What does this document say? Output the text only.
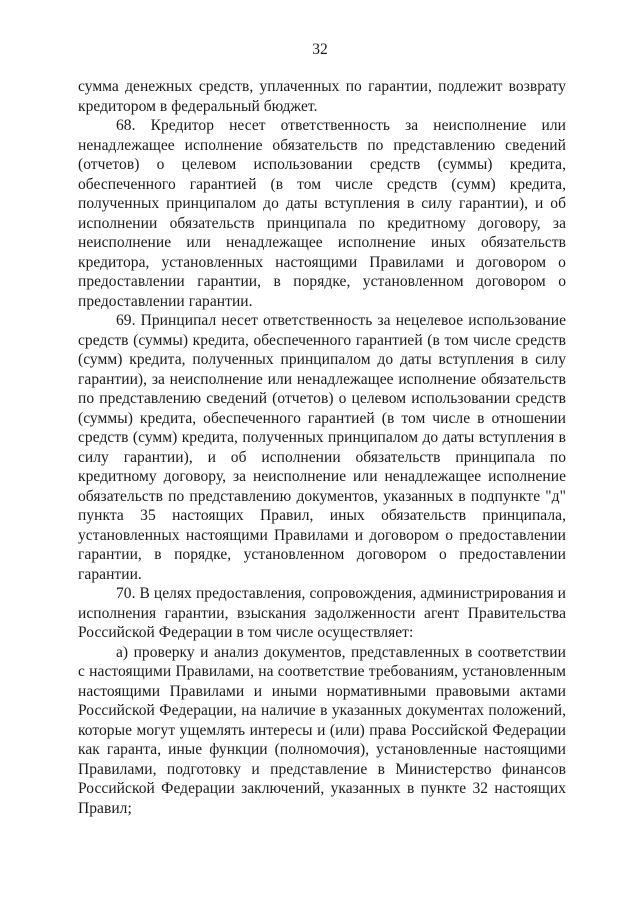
32

сумма денежных средств, уплаченных по гарантии, подлежит возврату кредитором в федеральный бюджет.

68. Кредитор несет ответственность за неисполнение или ненадлежащее исполнение обязательств по представлению сведений (отчетов) о целевом использовании средств (суммы) кредита, обеспеченного гарантией (в том числе средств (сумм) кредита, полученных принципалом до даты вступления в силу гарантии), и об исполнении обязательств принципала по кредитному договору, за неисполнение или ненадлежащее исполнение иных обязательств кредитора, установленных настоящими Правилами и договором о предоставлении гарантии, в порядке, установленном договором о предоставлении гарантии.

69. Принципал несет ответственность за нецелевое использование средств (суммы) кредита, обеспеченного гарантией (в том числе средств (сумм) кредита, полученных принципалом до даты вступления в силу гарантии), за неисполнение или ненадлежащее исполнение обязательств по представлению сведений (отчетов) о целевом использовании средств (суммы) кредита, обеспеченного гарантией (в том числе в отношении средств (сумм) кредита, полученных принципалом до даты вступления в силу гарантии), и об исполнении обязательств принципала по кредитному договору, за неисполнение или ненадлежащее исполнение обязательств по представлению документов, указанных в подпункте "д" пункта 35 настоящих Правил, иных обязательств принципала, установленных настоящими Правилами и договором о предоставлении гарантии, в порядке, установленном договором о предоставлении гарантии.

70. В целях предоставления, сопровождения, администрирования и исполнения гарантии, взыскания задолженности агент Правительства Российской Федерации в том числе осуществляет:

а) проверку и анализ документов, представленных в соответствии с настоящими Правилами, на соответствие требованиям, установленным настоящими Правилами и иными нормативными правовыми актами Российской Федерации, на наличие в указанных документах положений, которые могут ущемлять интересы и (или) права Российской Федерации как гаранта, иные функции (полномочия), установленные настоящими Правилами, подготовку и представление в Министерство финансов Российской Федерации заключений, указанных в пункте 32 настоящих Правил;
